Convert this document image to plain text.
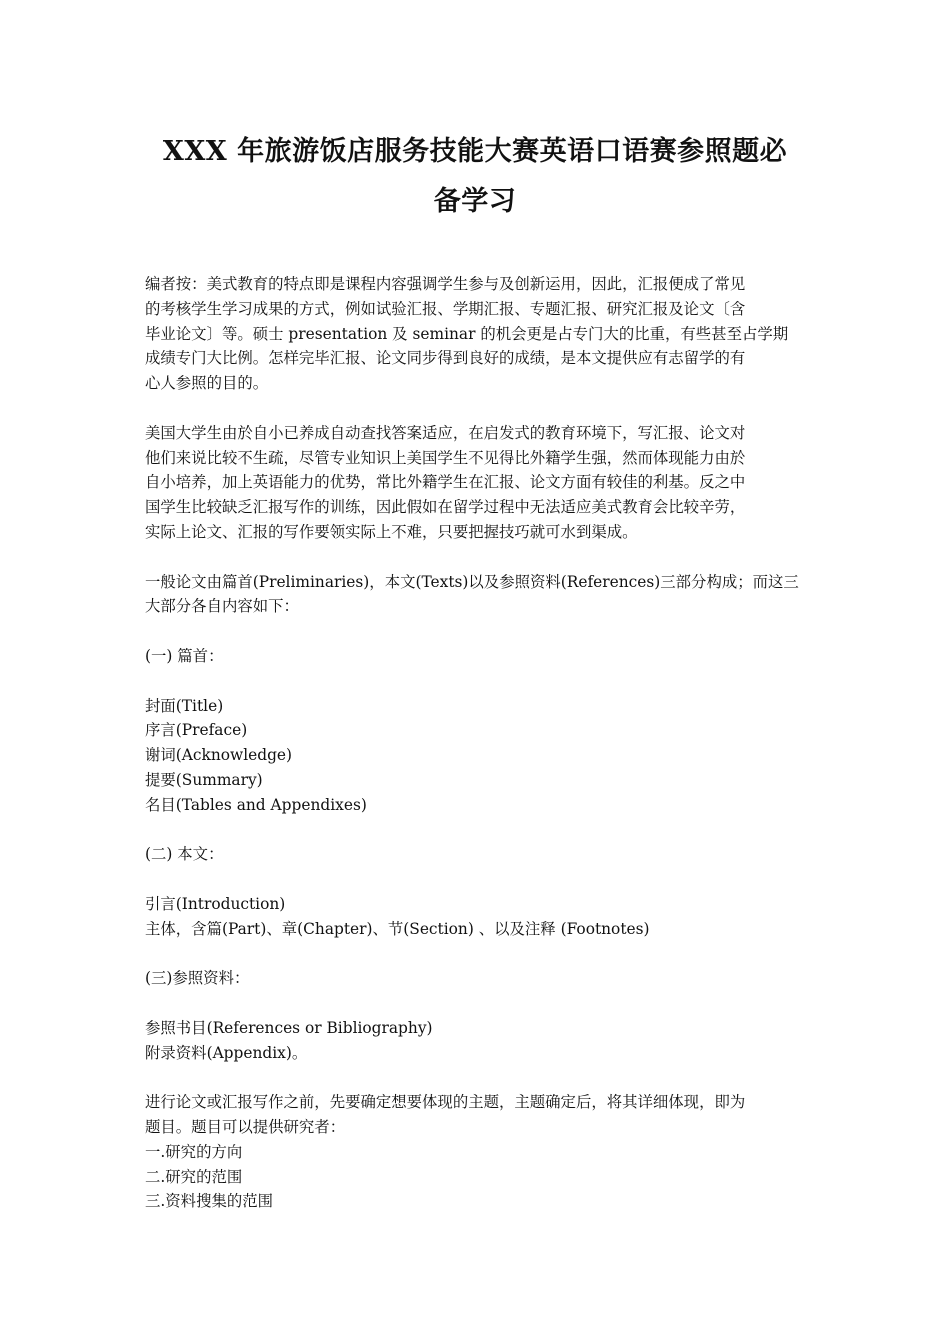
XXX 年旅游饭店服务技能大赛英语口语赛参照题必
备学习
编者按：美式教育的特点即是课程内容强调学生参与及创新运用，因此，汇报便成了常见
的考核学生学习成果的方式，例如试验汇报、学期汇报、专题汇报、研究汇报及论文〔含
毕业论文〕等。硕士 presentation 及 seminar 的机会更是占专门大的比重，有些甚至占学期
成绩专门大比例。怎样完毕汇报、论文同步得到良好的成绩，是本文提供应有志留学的有
心人参照的目的。
美国大学生由於自小已养成自动查找答案适应，在启发式的教育环境下，写汇报、论文对
他们来说比较不生疏，尽管专业知识上美国学生不见得比外籍学生强，然而体现能力由於
自小培养，加上英语能力的优势，常比外籍学生在汇报、论文方面有较佳的利基。反之中
国学生比较缺乏汇报写作的训练，因此假如在留学过程中无法适应美式教育会比较辛劳，
实际上论文、汇报的写作要领实际上不难，只要把握技巧就可水到渠成。
一般论文由篇首(Preliminaries)，本文(Texts)以及参照资料(References)三部分构成；而这三
大部分各自内容如下：
(一) 篇首：
封面(Title)
序言(Preface)
谢词(Acknowledge)
提要(Summary)
名目(Tables and Appendixes)
(二) 本文：
引言(Introduction)
主体，含篇(Part)、章(Chapter)、节(Section) 、以及注释 (Footnotes)
(三)参照资料：
参照书目(References or Bibliography)
附录资料(Appendix)。
进行论文或汇报写作之前，先要确定想要体现的主题，主题确定后，将其详细体现，即为
题目。题目可以提供研究者：
一.研究的方向
二.研究的范围
三.资料搜集的范围
